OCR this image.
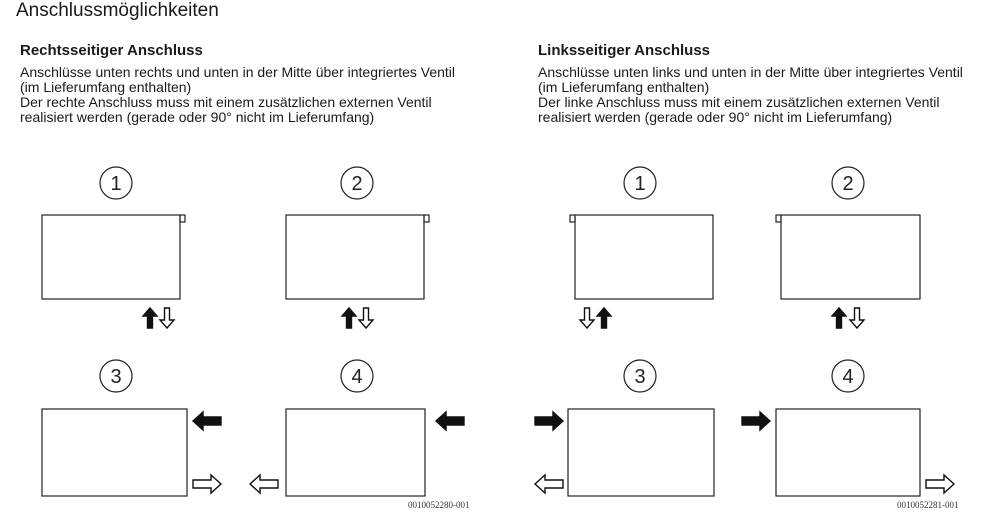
Anschlussmöglichkeiten
Rechtsseitiger Anschluss
Anschlüsse unten rechts und unten in der Mitte über integriertes Ventil (im Lieferumfang enthalten)
Der rechte Anschluss muss mit einem zusätzlichen externen Ventil realisiert werden (gerade oder 90° nicht im Lieferumfang)
Linksseitiger Anschluss
Anschlüsse unten links und unten in der Mitte über integriertes Ventil (im Lieferumfang enthalten)
Der linke Anschluss muss mit einem zusätzlichen externen Ventil realisiert werden (gerade oder 90° nicht im Lieferumfang)
1	2
3	4
1	2
3	4
0010052280-001	0010052281-001
